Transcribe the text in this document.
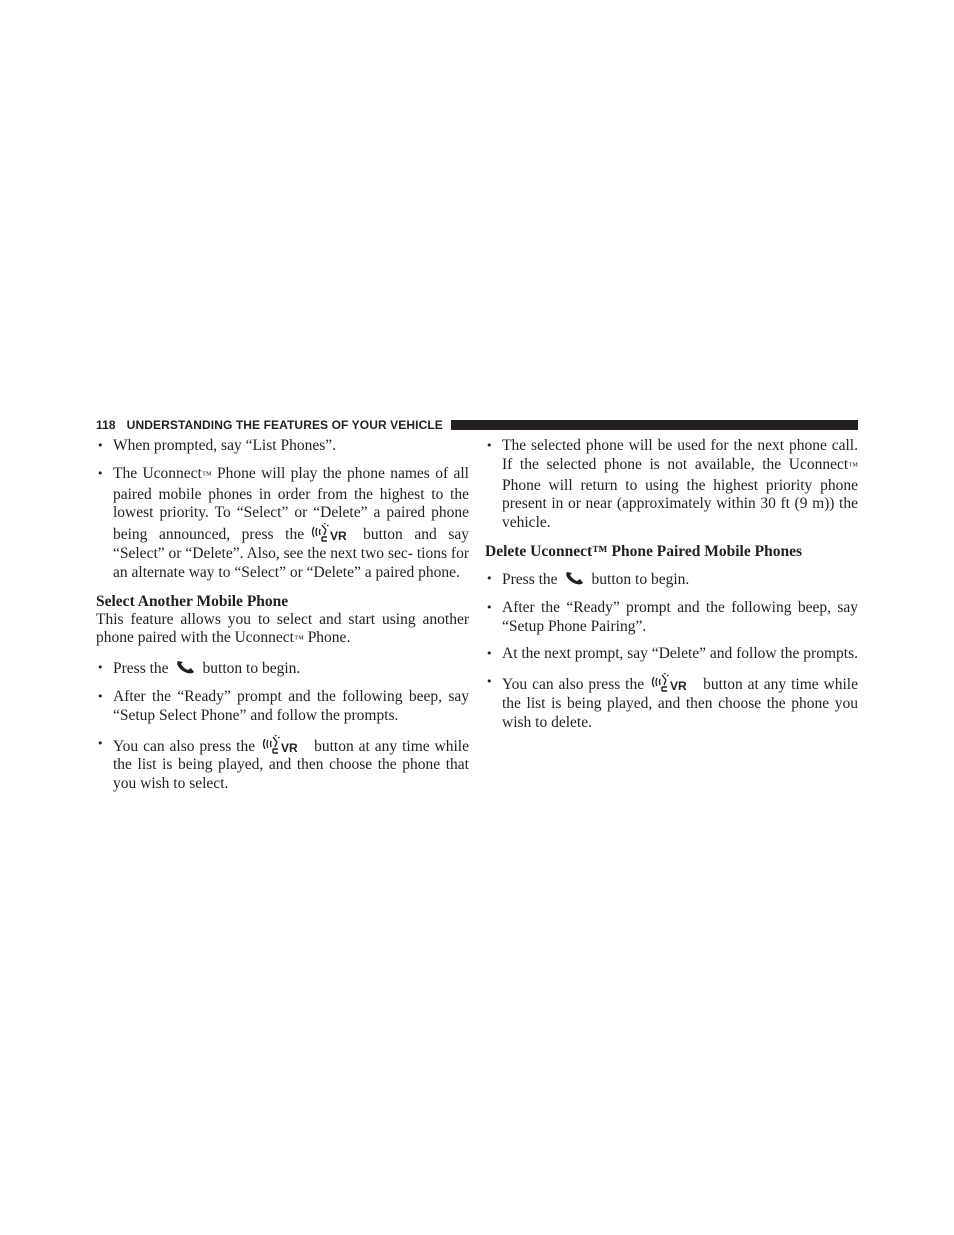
118 UNDERSTANDING THE FEATURES OF YOUR VEHICLE
• When prompted, say “List Phones”.
• The Uconnect™ Phone will play the phone names of all paired mobile phones in order from the highest to the lowest priority. To “Select” or “Delete” a paired phone being announced, press the VR button and say “Select” or “Delete”. Also, see the next two sec- tions for an alternate way to “Select” or “Delete” a paired phone.
Select Another Mobile Phone

This feature allows you to select and start using another phone paired with the Uconnect™ Phone.

• Press the button to begin.
• After the “Ready” prompt and the following beep, say “Setup Select Phone” and follow the prompts.
• You can also press the VR button at any time while the list is being played, and then choose the phone that you wish to select.
• The selected phone will be used for the next phone call. If the selected phone is not available, the Uconnect™ Phone will return to using the highest priority phone present in or near (approximately within 30 ft (9 m)) the vehicle.
Delete Uconnect™ Phone Paired Mobile Phones
• Press the button to begin.
• After the “Ready” prompt and the following beep, say “Setup Phone Pairing”.
• At the next prompt, say “Delete” and follow the prompts.
• You can also press the VR button at any time while the list is being played, and then choose the phone you wish to delete.
